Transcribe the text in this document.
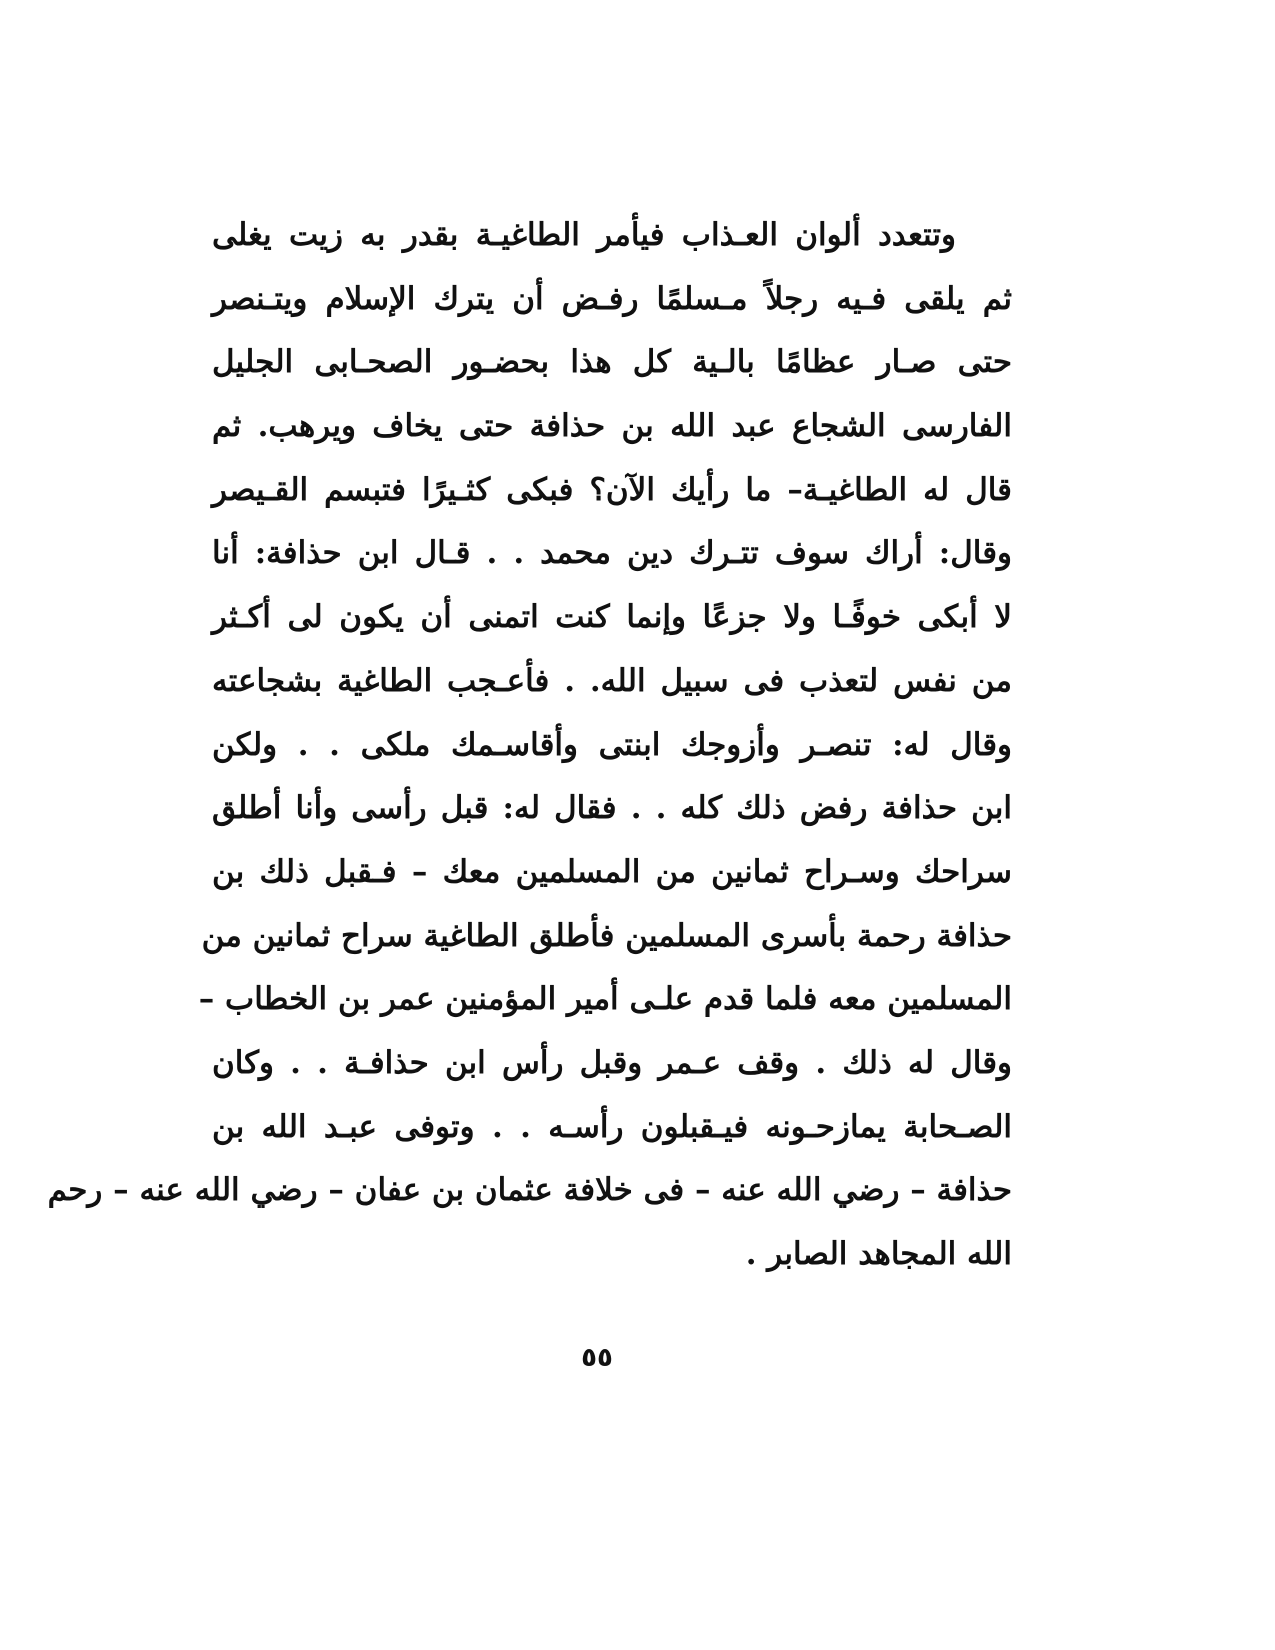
وتتعدد ألوان العـذاب فيأمر الطاغيـة بقدر به زيت يغلى
ثم يلقى فـيه رجلاً مـسلمًا رفـض أن يترك الإسلام ويتـنصر
حتى صـار عظامًا بالـية كل هذا بحضـور الصحـابى الجليل
الفارسى الشجاع عبد الله بن حذافة حتى يخاف ويرهب. ثم
قال له الطاغيـة– ما رأيك الآن؟ فبكى كثـيرًا فتبسم القـيصر
وقال: أراك سوف تتـرك دين محمد . . قـال ابن حذافة: أنا
لا أبكى خوفًـا ولا جزعًا وإنما كنت اتمنى أن يكون لى أكـثر
من نفس لتعذب فى سبيل الله. . فأعـجب الطاغية بشجاعته
وقال له: تنصـر وأزوجك ابنتى وأقاسـمك ملكى . . ولكن
ابن حذافة رفض ذلك كله . . فقال له: قبل رأسى وأنا أطلق
سراحك وسـراح ثمانين من المسلمين معك – فـقبل ذلك بن
حذافة رحمة بأسرى المسلمين فأطلق الطاغية سراح ثمانين من
المسلمين معه فلما قدم علـى أمير المؤمنين عمر بن الخطاب –
وقال له ذلك . وقف عـمر وقبل رأس ابن حذافـة . . وكان
الصـحابة يمازحـونه فيـقبلون رأسـه . . وتوفى عبـد الله بن
حذافة – رضي الله عنه – فى خلافة عثمان بن عفان – رضي الله عنه – رحم
الله المجاهد الصابر .
٥٥
